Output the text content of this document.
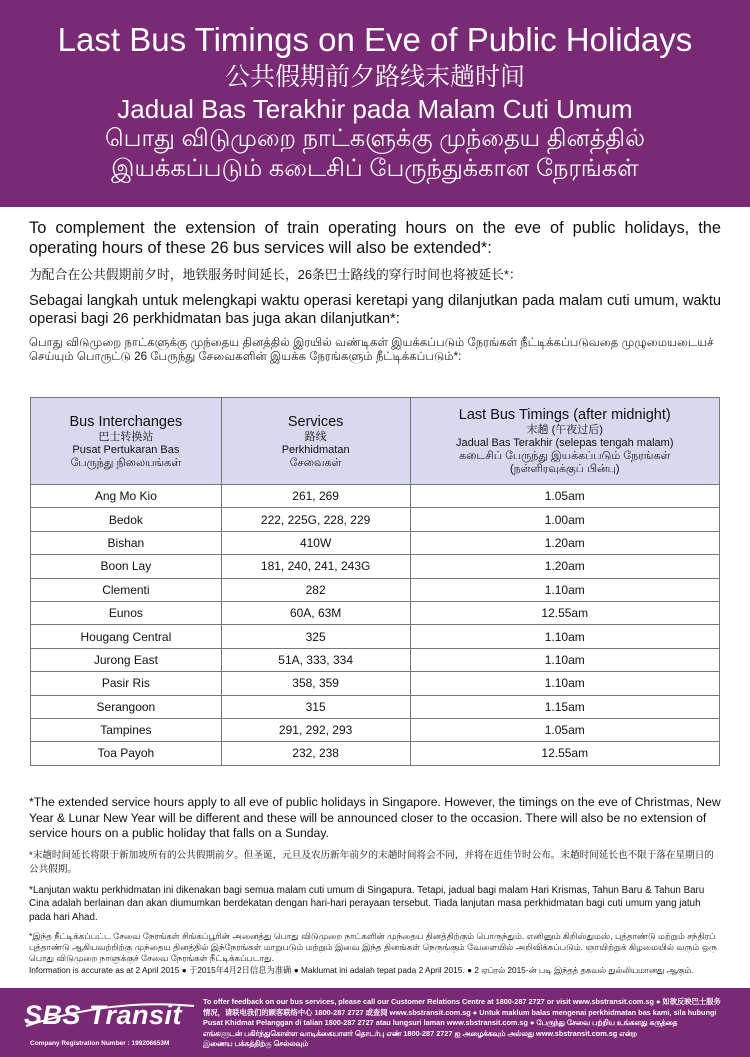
Last Bus Timings on Eve of Public Holidays
公共假期前夕路线末趟时间
Jadual Bas Terakhir pada Malam Cuti Umum
பொது விடுமுறை நாட்களுக்கு முந்தைய தினத்தில்
இயக்கப்படும் கடைசிப் பேருந்துக்கான நேரங்கள்

To complement the extension of train operating hours on the eve of public holidays, the operating hours of these 26 bus services will also be extended*:

为配合在公共假期前夕时，地铁服务时间延长，26条巴士路线的穿行时间也将被延长*：

Sebagai langkah untuk melengkapi waktu operasi keretapi yang dilanjutkan pada malam cuti umum, waktu operasi bagi 26 perkhidmatan bas juga akan dilanjutkan*:

பொது விடுமுறை நாட்களுக்கு முந்தைய தினத்தில் இரயில் வண்டிகள் இயக்கப்படும் நேரங்கள் நீட்டிக்கப்படுவதை முழுமையடையச் செய்யும் பொருட்டு 26 பேருந்து சேவைகளின் இயக்க நேரங்களும் நீட்டிக்கப்படும்*:

Bus Interchanges
巴士转换站
Pusat Pertukaran Bas
பேருந்து நிலையங்கள்	Services
路线
Perkhidmatan
சேவைகள்	Last Bus Timings (after midnight)
末趟 (午夜过后)
Jadual Bas Terakhir (selepas tengah malam)
கடைசிப் பேருந்து இயக்கப்படும் நேரங்கள்
(நள்ளிரவுக்குப் பின்பு)

Ang Mo Kio	261, 269	1.05am
Bedok	222, 225G, 228, 229	1.00am
Bishan	410W	1.20am
Boon Lay	181, 240, 241, 243G	1.20am
Clementi	282	1.10am
Eunos	60A, 63M	12.55am
Hougang Central	325	1.10am
Jurong East	51A, 333, 334	1.10am
Pasir Ris	358, 359	1.10am
Serangoon	315	1.15am
Tampines	291, 292, 293	1.05am
Toa Payoh	232, 238	12.55am

*The extended service hours apply to all eve of public holidays in Singapore. However, the timings on the eve of Christmas, New Year & Lunar New Year will be different and these will be announced closer to the occasion. There will also be no extension of service hours on a public holiday that falls on a Sunday.

*末趟时间延长将限于新加坡所有的公共假期前夕。但圣诞，元旦及农历新年前夕的末趟时间将会不同，并将在近佳节时公布。末趟时间延长也不限于落在星期日的公共假期。

*Lanjutan waktu perkhidmatan ini dikenakan bagi semua malam cuti umum di Singapura. Tetapi, jadual bagi malam Hari Krismas, Tahun Baru & Tahun Baru Cina adalah berlainan dan akan diumumkan berdekatan dengan hari-hari perayaan tersebut. Tiada lanjutan masa perkhidmatan bagi cuti umum yang jatuh pada hari Ahad.

*இந்த நீட்டிக்கப்பட்ட சேவை நேரங்கள் சிங்கப்பூரின் அனைத்து பொது விடுமுறை நாட்களின் முந்தைய தினத்திற்கும் பொருந்தும். எனினும் கிறிஸ்துமஸ், புத்தாண்டு மற்றும் சந்திரப் புத்தாண்டு ஆகியவற்றிற்கு முந்தைய தினத்தில் இந்நேரங்கள் மாறுபடும் மற்றும் இவை இந்த தினங்கள் நெருங்கும் வேளையில் அறிவிக்கப்படும். ஞாயிற்றுக் கிழமையில் வரும் ஒரு பொது விடுமுறை நாளுக்குச் சேவை நேரங்கள் நீட்டிக்கப்படாது.

Information is accurate as at 2 April 2015 ● 于2015年4月2日信息为准确 ● Maklumat ini adalah tepat pada 2 April 2015. ● 2 ஏப்ரல் 2015-ன் படி இந்தத் தகவல் துல்லியமானது ஆகும்.
SBS Transit
Company Registration Number : 199206653M
To offer feedback on our bus services, please call our Customer Relations Centre at 1800-287 2727 or visit www.sbstransit.com.sg ● 如欲反映巴士服务
情况，请联电我们的顾客联络中心 1800-287 2727 或查阅 www.sbstransit.com.sg ● Untuk maklum balas mengenai perkhidmatan bas kami, sila hubungi
Pusat Khidmat Pelanggan di talian 1800-287 2727 atau lungsuri laman www.sbstransit.com.sg ● பேருந்து சேவை பற்றிய உங்களது கருத்தை
எங்களுடன் பகிர்ந்துகொள்ள வாடிக்கையாளர் தொடர்பு எண் 1800-287 2727 ஐ அழைக்கவும் அல்லது www.sbstransit.com.sg என்ற
இணைய பக்கத்திற்கு செல்லவும்
